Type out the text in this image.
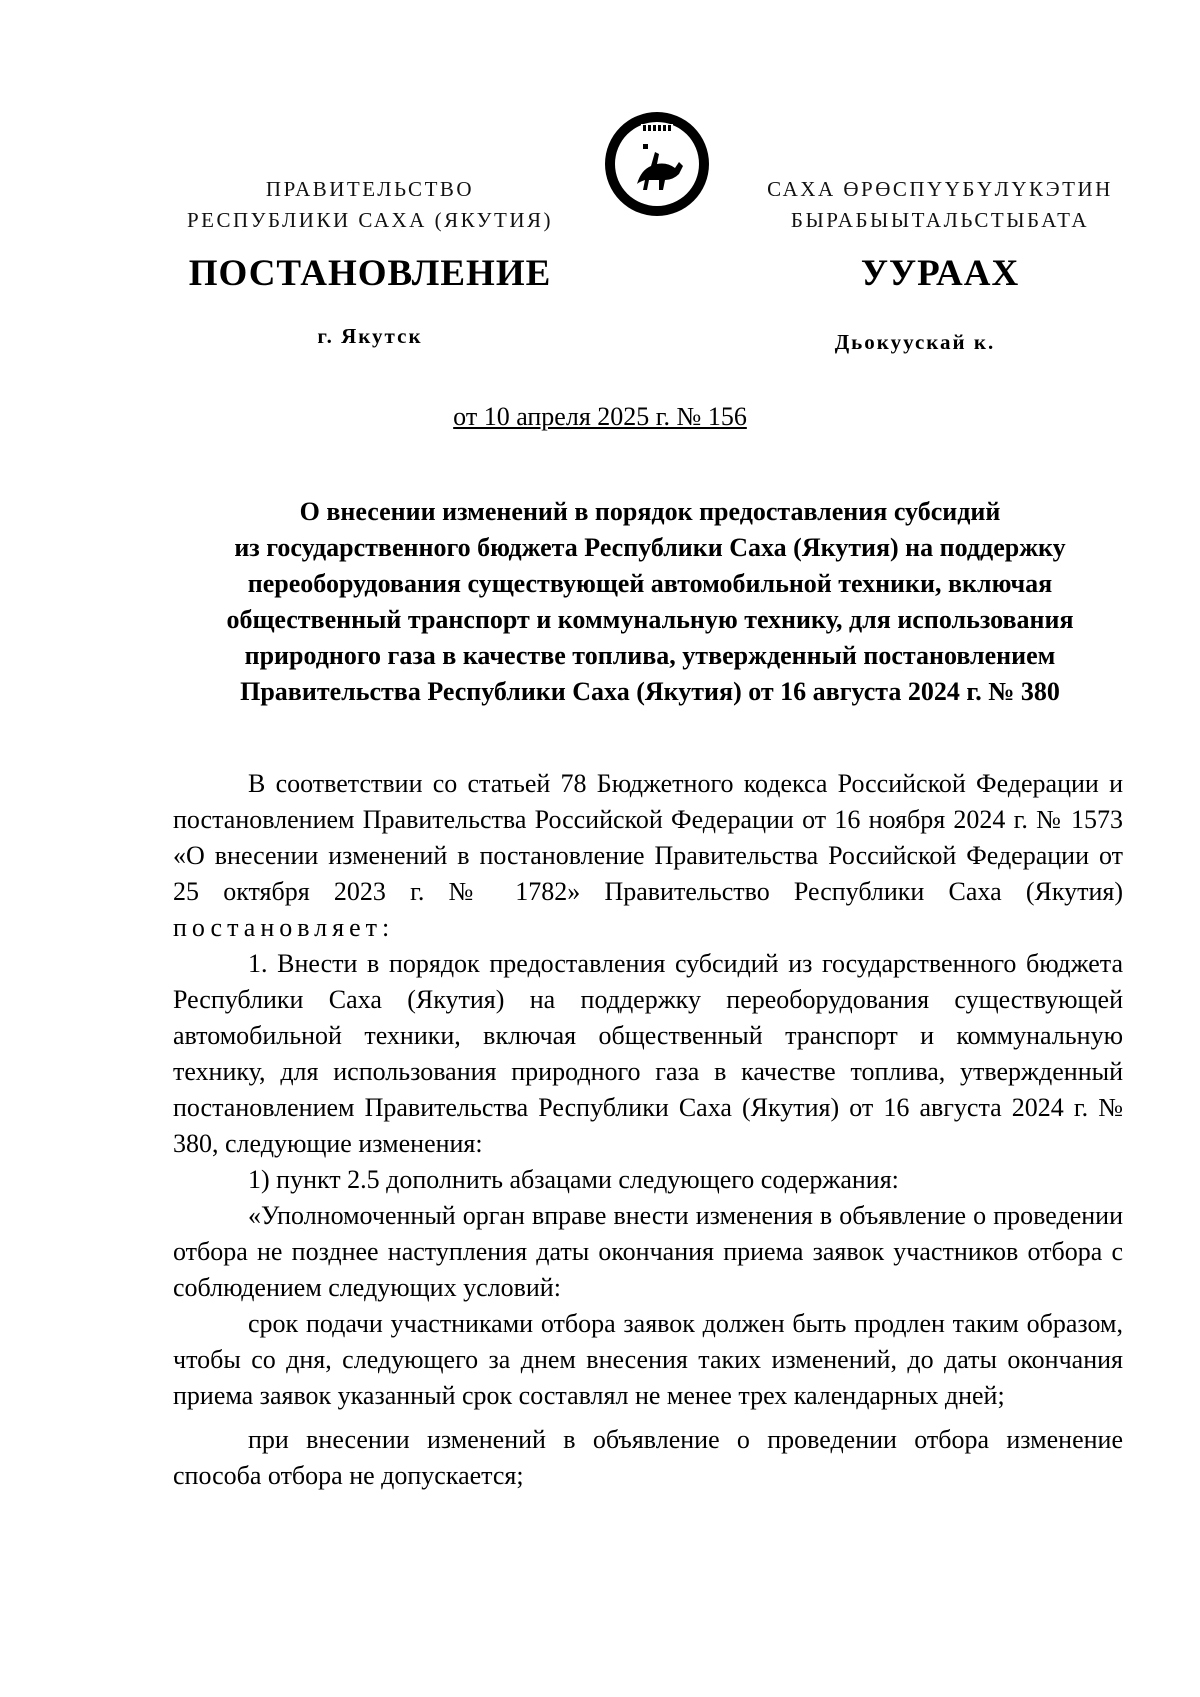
ПРАВИТЕЛЬСТВО
РЕСПУБЛИКИ САХА (ЯКУТИЯ)
САХА ӨРӨСПҮҮБҮЛҮКЭТИН
БЫРАБЫЫТАЛЬСТЫБАТА
ПОСТАНОВЛЕНИЕ	УУРААХ
г. Якутск	Дьокуускай к.
от 10 апреля 2025 г. № 156
О внесении изменений в порядок предоставления субсидий
из государственного бюджета Республики Саха (Якутия) на поддержку
переоборудования существующей автомобильной техники, включая
общественный транспорт и коммунальную технику, для использования
природного газа в качестве топлива, утвержденный постановлением
Правительства Республики Саха (Якутия) от 16 августа 2024 г. № 380

В соответствии со статьей 78 Бюджетного кодекса Российской Федерации и постановлением Правительства Российской Федерации от 16 ноября 2024 г. № 1573 «О внесении изменений в постановление Правительства Российской Федерации от 25 октября 2023 г. № 1782» Правительство Республики Саха (Якутия) постановляет:

1. Внести в порядок предоставления субсидий из государственного бюджета Республики Саха (Якутия) на поддержку переоборудования существующей автомобильной техники, включая общественный транспорт и коммунальную технику, для использования природного газа в качестве топлива, утвержденный постановлением Правительства Республики Саха (Якутия) от 16 августа 2024 г. № 380, следующие изменения:

1) пункт 2.5 дополнить абзацами следующего содержания:

«Уполномоченный орган вправе внести изменения в объявление о проведении отбора не позднее наступления даты окончания приема заявок участников отбора с соблюдением следующих условий:

срок подачи участниками отбора заявок должен быть продлен таким образом, чтобы со дня, следующего за днем внесения таких изменений, до даты окончания приема заявок указанный срок составлял не менее трех календарных дней;

при внесении изменений в объявление о проведении отбора изменение способа отбора не допускается;
